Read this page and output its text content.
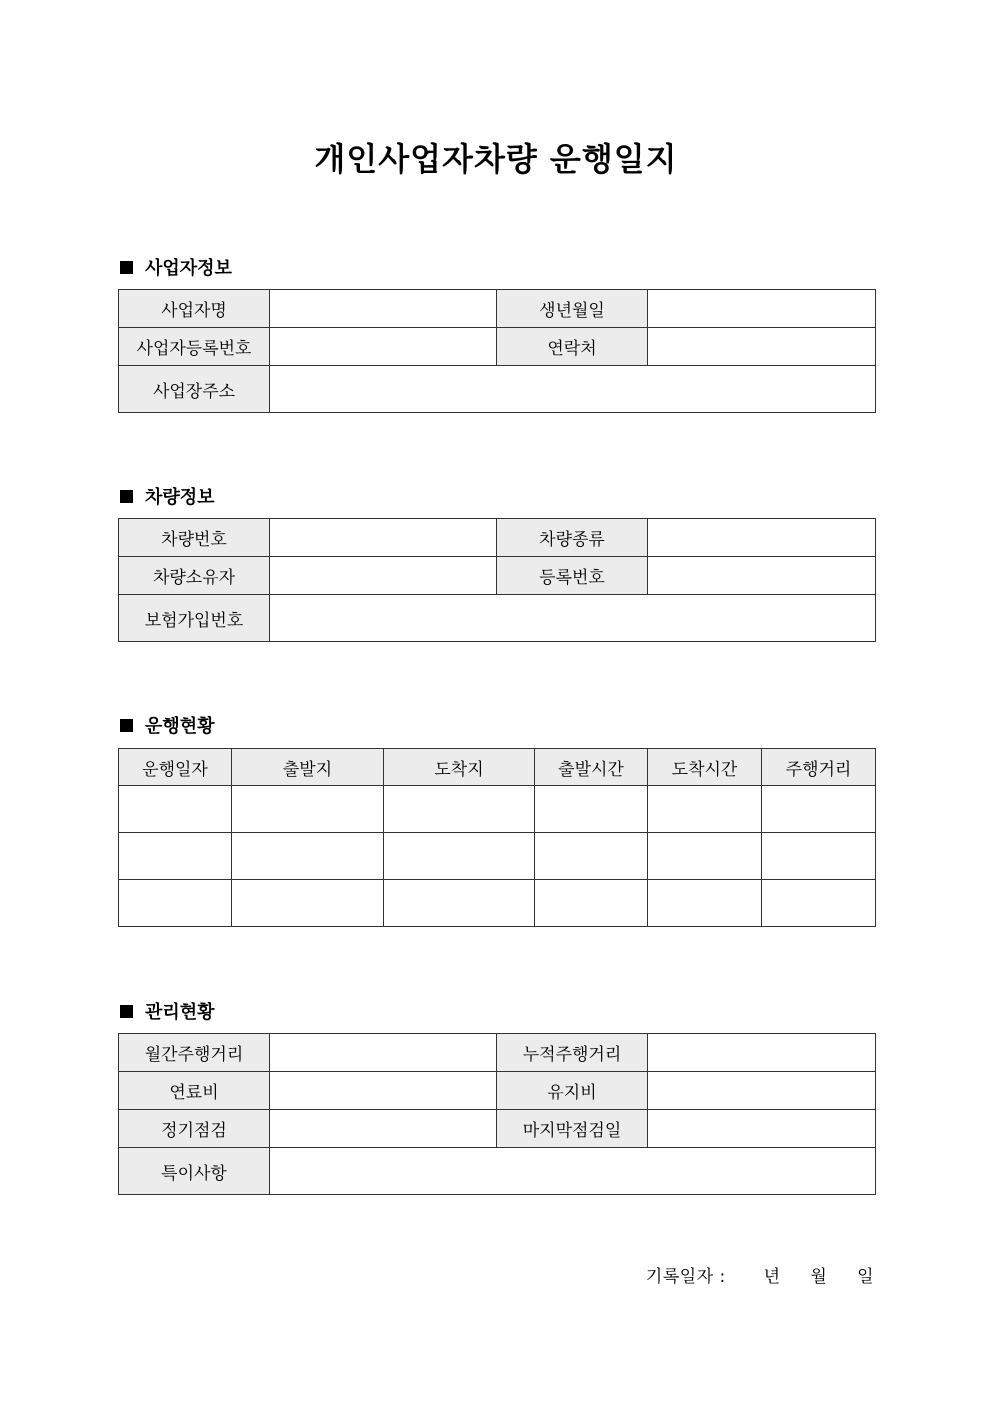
개인사업자차량 운행일지
사업자정보
사업자명		생년월일	
사업자등록번호		연락처	
사업장주소			
차량정보
차량번호		차량종류	
차량소유자		등록번호	
보험가입번호			
운행현황
운행일자	출발지	도착지	출발시간	도착시간	주행거리

관리현황
월간주행거리		누적주행거리	
연료비		유지비	
정기점검		마지막점검일	
특이사항			
기록일자 : 년 월 일
